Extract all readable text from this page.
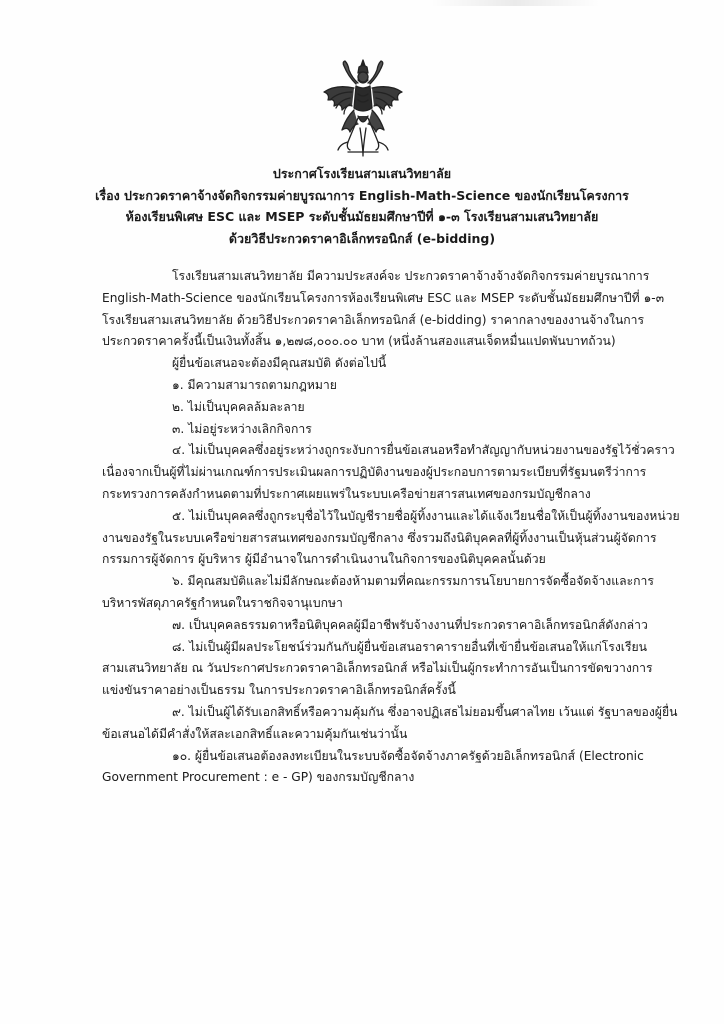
ประกาศโรงเรียนสามเสนวิทยาลัย
เรื่อง ประกวดราคาจ้างจัดกิจกรรมค่ายบูรณาการ English-Math-Science ของนักเรียนโครงการ
ห้องเรียนพิเศษ ESC และ MSEP ระดับชั้นมัธยมศึกษาปีที่ ๑-๓ โรงเรียนสามเสนวิทยาลัย
ด้วยวิธีประกวดราคาอิเล็กทรอนิกส์ (e-bidding)

โรงเรียนสามเสนวิทยาลัย มีความประสงค์จะ ประกวดราคาจ้างจ้างจัดกิจกรรมค่ายบูรณาการ English-Math-Science ของนักเรียนโครงการห้องเรียนพิเศษ ESC และ MSEP ระดับชั้นมัธยมศึกษาปีที่ ๑-๓ โรงเรียนสามเสนวิทยาลัย ด้วยวิธีประกวดราคาอิเล็กทรอนิกส์ (e-bidding) ราคากลางของงานจ้างในการประกวดราคาครั้งนี้เป็นเงินทั้งสิ้น ๑,๒๗๘,๐๐๐.๐๐ บาท (หนึ่งล้านสองแสนเจ็ดหมื่นแปดพันบาทถ้วน)

ผู้ยื่นข้อเสนอจะต้องมีคุณสมบัติ ดังต่อไปนี้

๑. มีความสามารถตามกฎหมาย

๒. ไม่เป็นบุคคลล้มละลาย

๓. ไม่อยู่ระหว่างเลิกกิจการ

๔. ไม่เป็นบุคคลซึ่งอยู่ระหว่างถูกระงับการยื่นข้อเสนอหรือทำสัญญากับหน่วยงานของรัฐไว้ชั่วคราวเนื่องจากเป็นผู้ที่ไม่ผ่านเกณฑ์การประเมินผลการปฏิบัติงานของผู้ประกอบการตามระเบียบที่รัฐมนตรีว่าการกระทรวงการคลังกำหนดตามที่ประกาศเผยแพร่ในระบบเครือข่ายสารสนเทศของกรมบัญชีกลาง

๕. ไม่เป็นบุคคลซึ่งถูกระบุชื่อไว้ในบัญชีรายชื่อผู้ทิ้งงานและได้แจ้งเวียนชื่อให้เป็นผู้ทิ้งงานของหน่วยงานของรัฐในระบบเครือข่ายสารสนเทศของกรมบัญชีกลาง ซึ่งรวมถึงนิติบุคคลที่ผู้ทิ้งงานเป็นหุ้นส่วนผู้จัดการ กรรมการผู้จัดการ ผู้บริหาร ผู้มีอำนาจในการดำเนินงานในกิจการของนิติบุคคลนั้นด้วย

๖. มีคุณสมบัติและไม่มีลักษณะต้องห้ามตามที่คณะกรรมการนโยบายการจัดซื้อจัดจ้างและการบริหารพัสดุภาครัฐกำหนดในราชกิจจานุเบกษา

๗. เป็นบุคคลธรรมดาหรือนิติบุคคลผู้มีอาชีพรับจ้างงานที่ประกวดราคาอิเล็กทรอนิกส์ดังกล่าว

๘. ไม่เป็นผู้มีผลประโยชน์ร่วมกันกับผู้ยื่นข้อเสนอราคารายอื่นที่เข้ายื่นข้อเสนอให้แก่โรงเรียนสามเสนวิทยาลัย ณ วันประกาศประกวดราคาอิเล็กทรอนิกส์ หรือไม่เป็นผู้กระทำการอันเป็นการขัดขวางการแข่งขันราคาอย่างเป็นธรรม ในการประกวดราคาอิเล็กทรอนิกส์ครั้งนี้

๙. ไม่เป็นผู้ได้รับเอกสิทธิ์หรือความคุ้มกัน ซึ่งอาจปฏิเสธไม่ยอมขึ้นศาลไทย เว้นแต่ รัฐบาลของผู้ยื่นข้อเสนอได้มีคำสั่งให้สละเอกสิทธิ์และความคุ้มกันเช่นว่านั้น

๑๐. ผู้ยื่นข้อเสนอต้องลงทะเบียนในระบบจัดซื้อจัดจ้างภาครัฐด้วยอิเล็กทรอนิกส์ (Electronic Government Procurement : e - GP) ของกรมบัญชีกลาง
